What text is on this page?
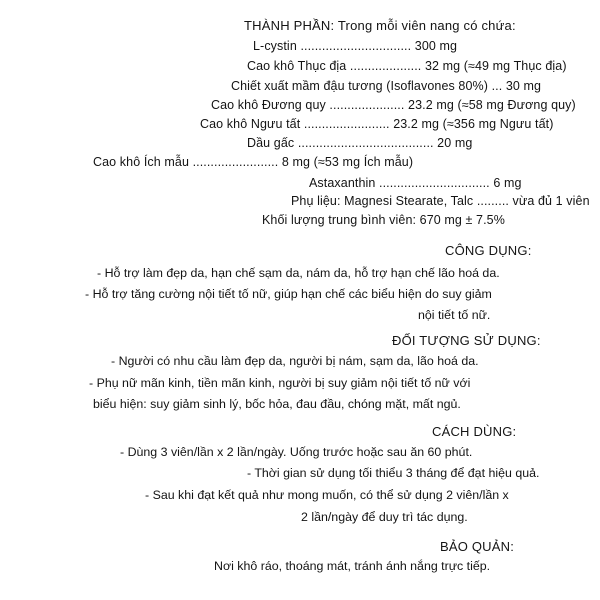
THÀNH PHẦN: Trong mỗi viên nang có chứa:
L-cystin ............................... 300 mg
Cao khô Thục địa .................... 32 mg (≈49 mg Thục địa)
Chiết xuất mầm đậu tương (Isoflavones 80%) ... 30 mg
Cao khô Đương quy ..................... 23.2 mg (≈58 mg Đương quy)
Cao khô Ngưu tất ........................ 23.2 mg (≈356 mg Ngưu tất)
Dầu gấc ...................................... 20 mg
Cao khô Ích mẫu ........................ 8 mg (≈53 mg Ích mẫu)
Astaxanthin ............................... 6 mg
Phụ liệu: Magnesi Stearate, Talc ......... vừa đủ 1 viên
Khối lượng trung bình viên: 670 mg ± 7.5%
CÔNG DỤNG:
- Hỗ trợ làm đẹp da, hạn chế sạm da, nám da, hỗ trợ hạn chế lão hoá da.
- Hỗ trợ tăng cường nội tiết tố nữ, giúp hạn chế các biểu hiện do suy giảm
nội tiết tố nữ.
ĐỐI TƯỢNG SỬ DỤNG:
- Người có nhu cầu làm đẹp da, người bị nám, sạm da, lão hoá da.
- Phụ nữ mãn kinh, tiền mãn kinh, người bị suy giảm nội tiết tố nữ với
biểu hiện: suy giảm sinh lý, bốc hỏa, đau đầu, chóng mặt, mất ngủ.
CÁCH DÙNG:
- Dùng 3 viên/lần x 2 lần/ngày. Uống trước hoặc sau ăn 60 phút.
- Thời gian sử dụng tối thiểu 3 tháng để đạt hiệu quả.
- Sau khi đạt kết quả như mong muốn, có thể sử dụng 2 viên/lần x
2 lần/ngày để duy trì tác dụng.
BẢO QUẢN:
Nơi khô ráo, thoáng mát, tránh ánh nắng trực tiếp.
